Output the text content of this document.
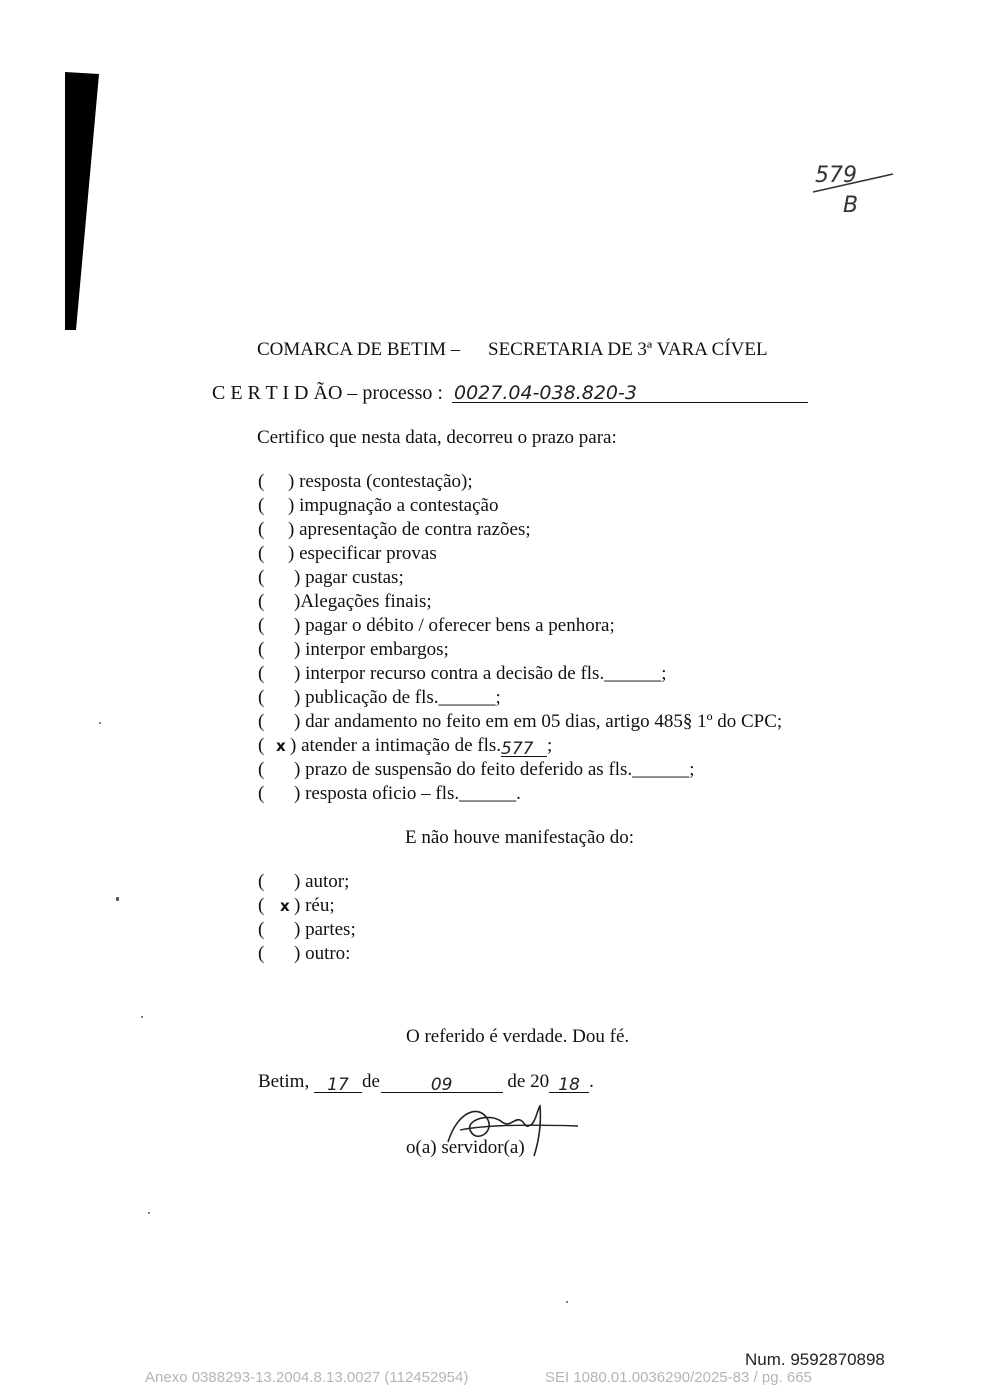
579
B
COMARCA DE BETIM – SECRETARIA DE 3ª VARA CÍVEL
C E R T I D ÃO – processo : 0027.04-038.820-3
Certifico que nesta data, decorreu o prazo para:
( ) resposta (contestação);
( ) impugnação a contestação
( ) apresentação de contra razões;
( ) especificar provas
( ) pagar custas;
( )Alegações finais;
( ) pagar o débito / oferecer bens a penhora;
( ) interpor embargos;
( ) interpor recurso contra a decisão de fls.______;
( ) publicação de fls.______;
( ) dar andamento no feito em em 05 dias, artigo 485§ 1º do CPC;
( x ) atender a intimação de fls.577 ;
( ) prazo de suspensão do feito deferido as fls.______;
( ) resposta oficio – fls.______.
E não houve manifestação do:
( ) autor;
( x ) réu;
( ) partes;
( ) outro:
O referido é verdade. Dou fé.
Betim, 17 de	09	de 20 18 .
o(a) servidor(a)
Num. 9592870898
Anexo 0388293-13.2004.8.13.0027 (112452954)	SEI 1080.01.0036290/2025-83 / pg. 665
